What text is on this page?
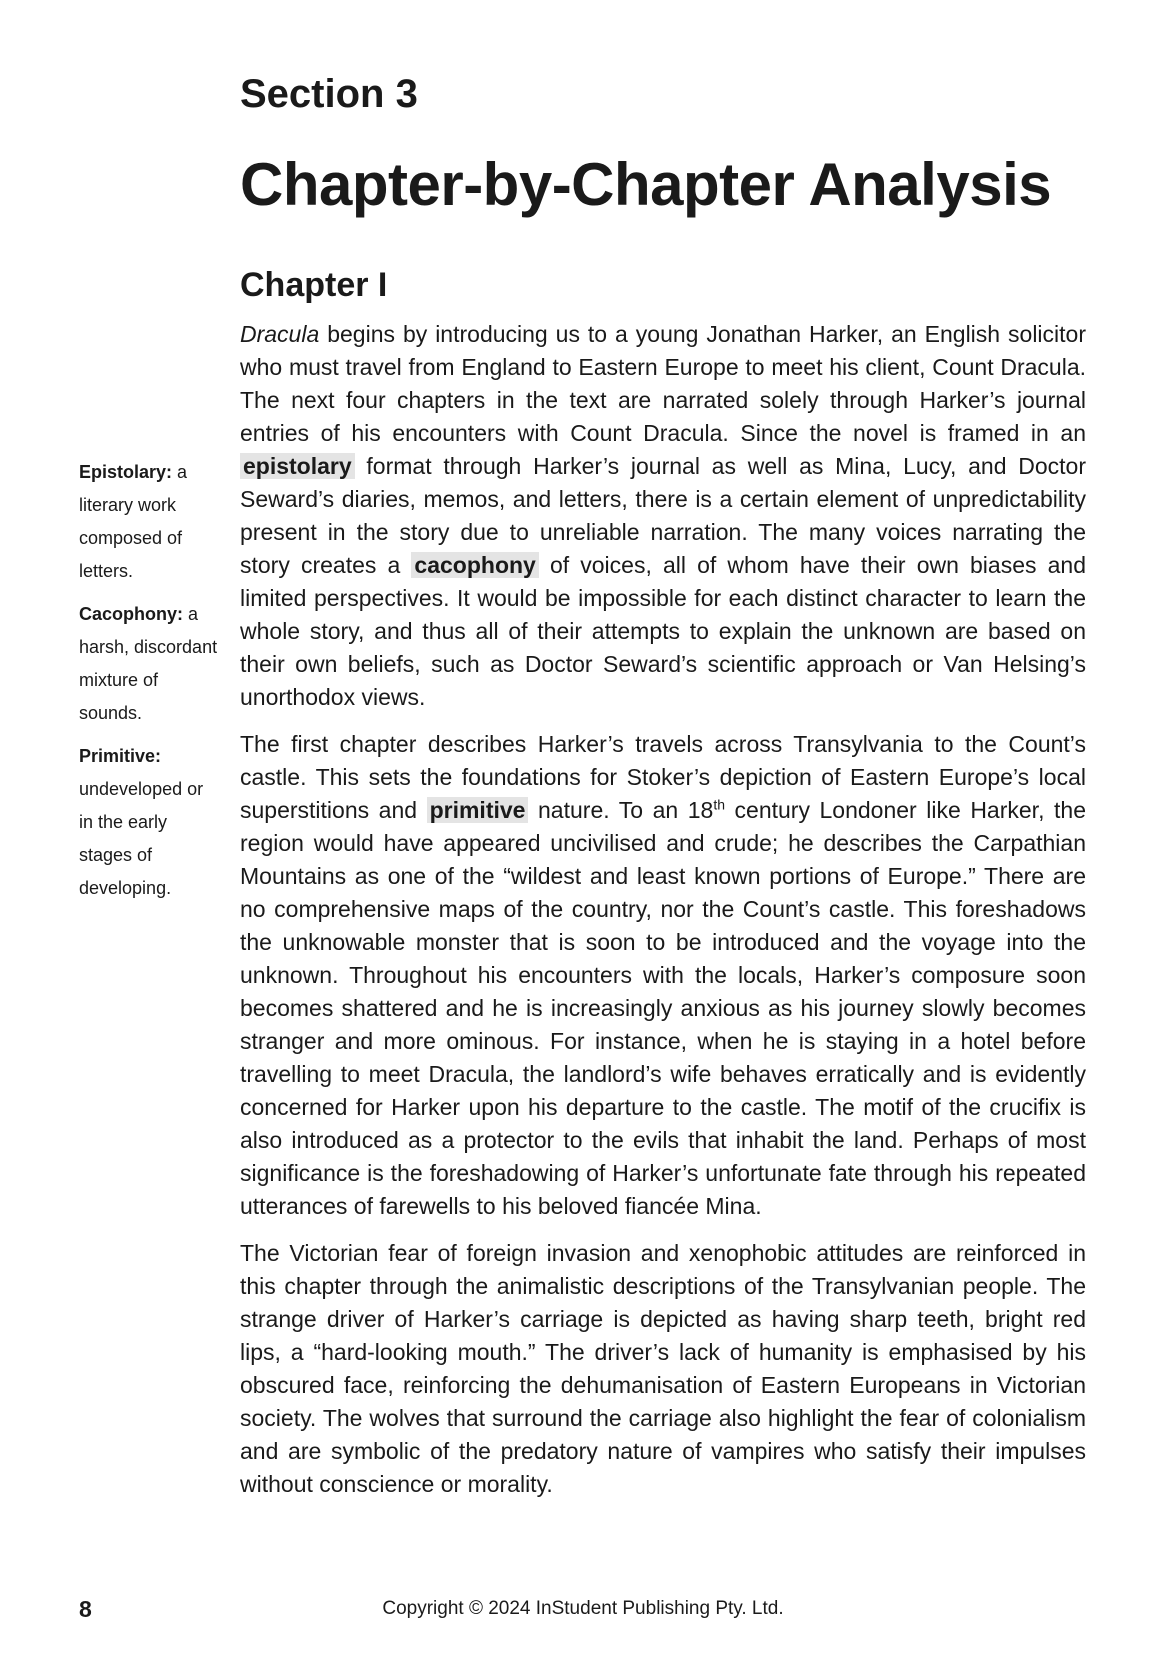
Section 3
Chapter-by-Chapter Analysis
Chapter I

Epistolary: a literary work composed of letters.

Cacophony: a harsh, discordant mixture of sounds.

Primitive: undeveloped or in the early stages of developing.

Dracula begins by introducing us to a young Jonathan Harker, an English solicitor who must travel from England to Eastern Europe to meet his client, Count Dracula. The next four chapters in the text are narrated solely through Harker’s journal entries of his encounters with Count Dracula. Since the novel is framed in an epistolary format through Harker’s journal as well as Mina, Lucy, and Doctor Seward’s diaries, memos, and letters, there is a certain element of unpredictability present in the story due to unreliable narration. The many voices narrating the story creates a cacophony of voices, all of whom have their own biases and limited perspectives. It would be impossible for each distinct character to learn the whole story, and thus all of their attempts to explain the unknown are based on their own beliefs, such as Doctor Seward’s scientific approach or Van Helsing’s unorthodox views.

The first chapter describes Harker’s travels across Transylvania to the Count’s castle. This sets the foundations for Stoker’s depiction of Eastern Europe’s local superstitions and primitive nature. To an 18th century Londoner like Harker, the region would have appeared uncivilised and crude; he describes the Carpathian Mountains as one of the “wildest and least known portions of Europe.” There are no comprehensive maps of the country, nor the Count’s castle. This foreshadows the unknowable monster that is soon to be introduced and the voyage into the unknown. Throughout his encounters with the locals, Harker’s composure soon becomes shattered and he is increasingly anxious as his journey slowly becomes stranger and more ominous. For instance, when he is staying in a hotel before travelling to meet Dracula, the landlord’s wife behaves erratically and is evidently concerned for Harker upon his departure to the castle. The motif of the crucifix is also introduced as a protector to the evils that inhabit the land. Perhaps of most significance is the foreshadowing of Harker’s unfortunate fate through his repeated utterances of farewells to his beloved fiancée Mina.

The Victorian fear of foreign invasion and xenophobic attitudes are reinforced in this chapter through the animalistic descriptions of the Transylvanian people. The strange driver of Harker’s carriage is depicted as having sharp teeth, bright red lips, a “hard-looking mouth.” The driver’s lack of humanity is emphasised by his obscured face, reinforcing the dehumanisation of Eastern Europeans in Victorian society. The wolves that surround the carriage also highlight the fear of colonialism and are symbolic of the predatory nature of vampires who satisfy their impulses without conscience or morality.

8	Copyright © 2024 InStudent Publishing Pty. Ltd.
